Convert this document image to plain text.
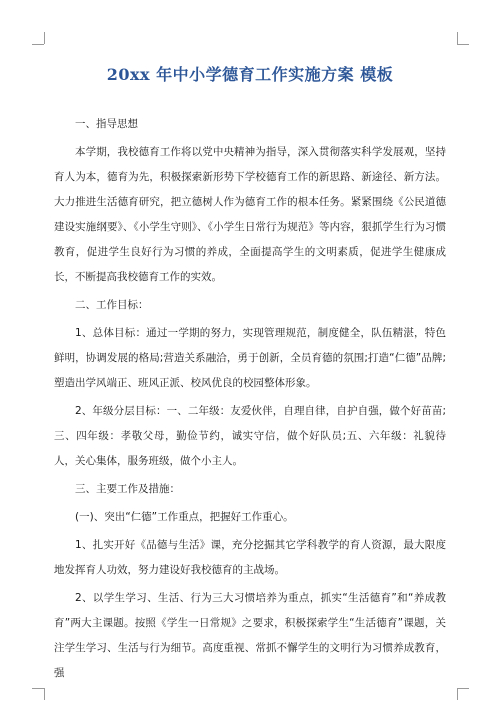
20xx 年中小学德育工作实施方案 模板

一、指导思想

本学期，我校德育工作将以党中央精神为指导，深入贯彻落实科学发展观，坚持育人为本，德育为先，积极探索新形势下学校德育工作的新思路、新途径、新方法。大力推进生活德育研究，把立德树人作为德育工作的根本任务。紧紧围绕《公民道德建设实施纲要》、《小学生守则》、《小学生日常行为规范》等内容，狠抓学生行为习惯教育，促进学生良好行为习惯的养成，全面提高学生的文明素质，促进学生健康成长，不断提高我校德育工作的实效。

二、工作目标：

1、总体目标：通过一学期的努力，实现管理规范，制度健全，队伍精湛，特色鲜明，协调发展的格局;营造关系融洽，勇于创新，全员育德的氛围;打造“仁德”品牌;塑造出学风端正、班风正派、校风优良的校园整体形象。

2、年级分层目标：一、二年级：友爱伙伴，自理自律，自护自强，做个好苗苗;三、四年级：孝敬父母，勤俭节约，诚实守信，做个好队员;五、六年级：礼貌待人，关心集体，服务班级，做个小主人。

三、主要工作及措施：

(一)、突出“仁德”工作重点，把握好工作重心。

1、扎实开好《品德与生活》课，充分挖掘其它学科教学的育人资源，最大限度地发挥育人功效，努力建设好我校德育的主战场。

2、以学生学习、生活、行为三大习惯培养为重点，抓实“生活德育”和“养成教育”两大主课题。按照《学生一日常规》之要求，积极探索学生“生活德育”课题，关注学生学习、生活与行为细节。高度重视、常抓不懈学生的文明行为习惯养成教育，强
